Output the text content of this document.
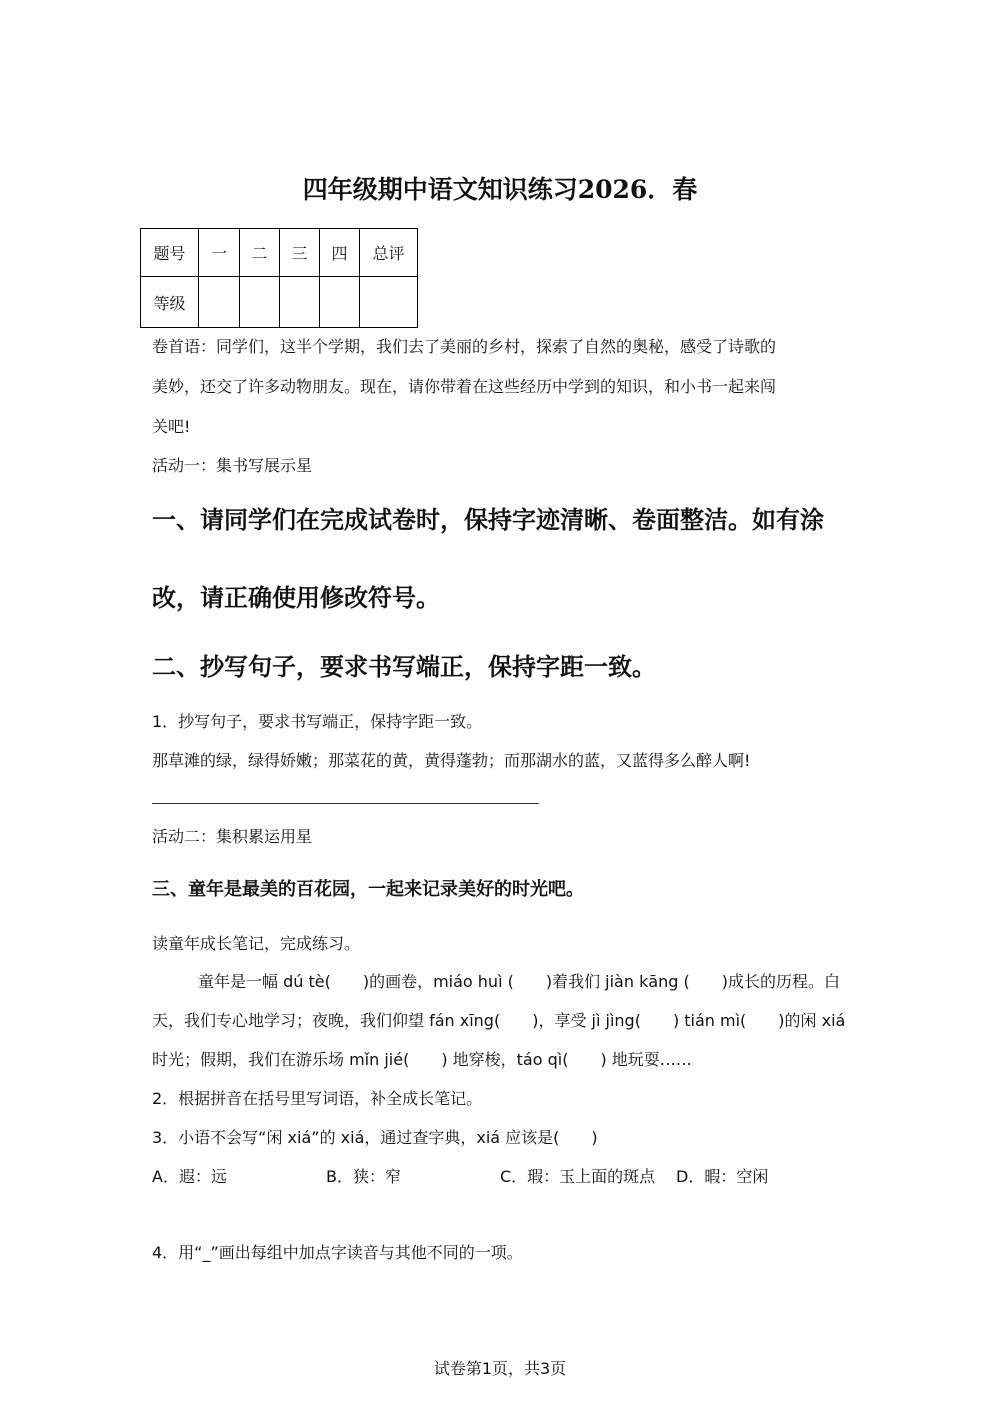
四年级期中语文知识练习2026．春
题号	一	二	三	四	总评
等级					
卷首语：同学们，这半个学期，我们去了美丽的乡村，探索了自然的奥秘，感受了诗歌的
美妙，还交了许多动物朋友。现在，请你带着在这些经历中学到的知识，和小书一起来闯
关吧!
活动一：集书写展示星
一、请同学们在完成试卷时，保持字迹清晰、卷面整洁。如有涂
改，请正确使用修改符号。
二、抄写句子，要求书写端正，保持字距一致。
1．抄写句子，要求书写端正，保持字距一致。
那草滩的绿，绿得娇嫩；那菜花的黄，黄得蓬勃；而那湖水的蓝，又蓝得多么醉人啊!
活动二：集积累运用星
三、童年是最美的百花园，一起来记录美好的时光吧。
读童年成长笔记，完成练习。
童年是一幅 dú tè(　　)的画卷，miáo huì (　　)着我们 jiàn kāng (　　)成长的历程。白
天，我们专心地学习；夜晚，我们仰望 fán xīng(　　)，享受 jì jìng(　　) tián mì(　　)的闲 xiá
时光；假期，我们在游乐场 mǐn jié(　　) 地穿梭，táo qì(　　) 地玩耍……
2．根据拼音在括号里写词语，补全成长笔记。
3．小语不会写“闲 xiá”的 xiá，通过查字典，xiá 应该是(　　)
A．遐：远	B．狭：窄	C．瑕：玉上面的斑点 D．暇：空闲
4．用“_”画出每组中加点字读音与其他不同的一项。
试卷第1页，共3页
